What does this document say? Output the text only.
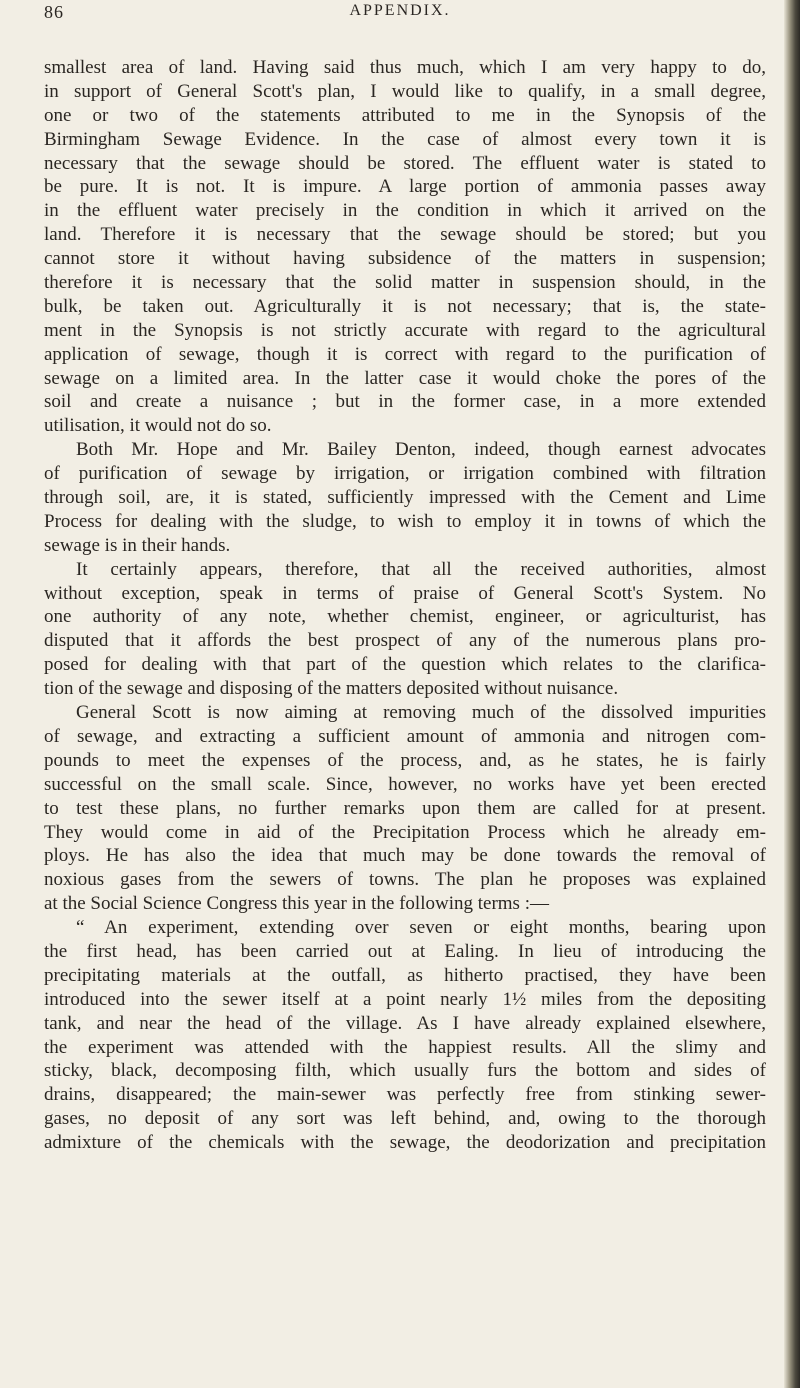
86	APPENDIX.
smallest area of land. Having said thus much, which I am very happy to do,
in support of General Scott's plan, I would like to qualify, in a small degree,
one or two of the statements attributed to me in the Synopsis of the
Birmingham Sewage Evidence. In the case of almost every town it is
necessary that the sewage should be stored. The effluent water is stated to
be pure. It is not. It is impure. A large portion of ammonia passes away
in the effluent water precisely in the condition in which it arrived on the
land. Therefore it is necessary that the sewage should be stored; but you
cannot store it without having subsidence of the matters in suspension;
therefore it is necessary that the solid matter in suspension should, in the
bulk, be taken out. Agriculturally it is not necessary; that is, the state-
ment in the Synopsis is not strictly accurate with regard to the agricultural
application of sewage, though it is correct with regard to the purification of
sewage on a limited area. In the latter case it would choke the pores of the
soil and create a nuisance ; but in the former case, in a more extended
utilisation, it would not do so.
Both Mr. Hope and Mr. Bailey Denton, indeed, though earnest advocates
of purification of sewage by irrigation, or irrigation combined with filtration
through soil, are, it is stated, sufficiently impressed with the Cement and Lime
Process for dealing with the sludge, to wish to employ it in towns of which the
sewage is in their hands.
It certainly appears, therefore, that all the received authorities, almost
without exception, speak in terms of praise of General Scott's System. No
one authority of any note, whether chemist, engineer, or agriculturist, has
disputed that it affords the best prospect of any of the numerous plans pro-
posed for dealing with that part of the question which relates to the clarifica-
tion of the sewage and disposing of the matters deposited without nuisance.
General Scott is now aiming at removing much of the dissolved impurities
of sewage, and extracting a sufficient amount of ammonia and nitrogen com-
pounds to meet the expenses of the process, and, as he states, he is fairly
successful on the small scale. Since, however, no works have yet been erected
to test these plans, no further remarks upon them are called for at present.
They would come in aid of the Precipitation Process which he already em-
ploys. He has also the idea that much may be done towards the removal of
noxious gases from the sewers of towns. The plan he proposes was explained
at the Social Science Congress this year in the following terms :—
“ An experiment, extending over seven or eight months, bearing upon
the first head, has been carried out at Ealing. In lieu of introducing the
precipitating materials at the outfall, as hitherto practised, they have been
introduced into the sewer itself at a point nearly 1½ miles from the depositing
tank, and near the head of the village. As I have already explained elsewhere,
the experiment was attended with the happiest results. All the slimy and
sticky, black, decomposing filth, which usually furs the bottom and sides of
drains, disappeared; the main-sewer was perfectly free from stinking sewer-
gases, no deposit of any sort was left behind, and, owing to the thorough
admixture of the chemicals with the sewage, the deodorization and precipitation
